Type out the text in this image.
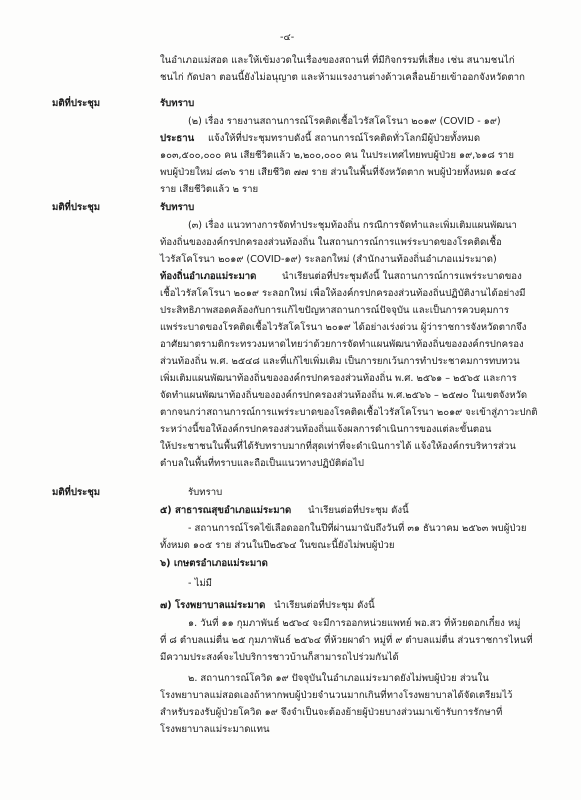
-๔-
ในอำเภอแม่สอด และให้เข้มงวดในเรื่องของสถานที่ ที่มีกิจกรรมที่เสี่ยง เช่น สนามชนไก่
ชนไก่ กัดปลา ตอนนี้ยังไม่อนุญาต และห้ามแรงงานต่างด้าวเคลื่อนย้ายเข้าออกจังหวัดตาก
มติที่ประชุม	รับทราบ
(๒) เรื่อง รายงานสถานการณ์โรคติดเชื้อไวรัสโคโรนา ๒๐๑๙ (COVID - ๑๙)
ประธาน แจ้งให้ที่ประชุมทราบดังนี้ สถานการณ์โรคติดทั่วโลกมีผู้ป่วยทั้งหมด
๑๐๓,๕๐๐,๐๐๐ คน เสียชีวิตแล้ว ๒,๒๐๐,๐๐๐ คน ในประเทศไทยพบผู้ป่วย ๑๙,๖๑๘ ราย
พบผู้ป่วยใหม่ ๘๓๖ ราย เสียชีวิต ๗๗ ราย ส่วนในพื้นที่จังหวัดตาก พบผู้ป่วยทั้งหมด ๑๔๔
ราย เสียชีวิตแล้ว ๒ ราย
มติที่ประชุม	รับทราบ
(๓) เรื่อง แนวทางการจัดทำประชุมท้องถิ่น กรณีการจัดทำและเพิ่มเติมแผนพัฒนา
ท้องถิ่นขององค์กรปกครองส่วนท้องถิ่น ในสถานการณ์การแพร่ระบาดของโรคติดเชื้อ
ไวรัสโคโรนา ๒๐๑๙ (COVID-๑๙) ระลอกใหม่ (สำนักงานท้องถิ่นอำเภอแม่ระมาด)
ท้องถิ่นอำเภอแม่ระมาด	นำเรียนต่อที่ประชุมดังนี้ ในสถานการณ์การแพร่ระบาดของ
เชื้อไวรัสโคโรนา ๒๐๑๙ ระลอกใหม่ เพื่อให้องค์กรปกครองส่วนท้องถิ่นปฏิบัติงานได้อย่างมี
ประสิทธิภาพสอดคล้องกับการแก้ไขปัญหาสถานการณ์ปัจจุบัน และเป็นการควบคุมการ
แพร่ระบาดของโรคติดเชื้อไวรัสโคโรนา ๒๐๑๙ ได้อย่างเร่งด่วน ผู้ว่าราชการจังหวัดตากจึง
อาศัยมาตรามติกระทรวงมหาดไทยว่าด้วยการจัดทำแผนพัฒนาท้องถิ่นขององค์กรปกครอง
ส่วนท้องถิ่น พ.ศ. ๒๕๔๘ และที่แก้ไขเพิ่มเติม เป็นการยกเว้นการทำประชาคมการทบทวน
เพิ่มเติมแผนพัฒนาท้องถิ่นขององค์กรปกครองส่วนท้องถิ่น พ.ศ. ๒๕๖๑ – ๒๕๖๕ และการ
จัดทำแผนพัฒนาท้องถิ่นขององค์กรปกครองส่วนท้องถิ่น พ.ศ.๒๕๖๖ – ๒๕๗๐ ในเขตจังหวัด
ตากจนกว่าสถานการณ์การแพร่ระบาดของโรคติดเชื้อไวรัสโคโรนา ๒๐๑๙ จะเข้าสู่ภาวะปกติ
ระหว่างนี้ขอให้องค์กรปกครองส่วนท้องถิ่นแจ้งผลการดำเนินการของแต่ละขั้นตอน
ให้ประชาชนในพื้นที่ได้รับทราบมากที่สุดเท่าที่จะดำเนินการได้ แจ้งให้องค์กรบริหารส่วน
ตำบลในพื้นที่ทราบและถือเป็นแนวทางปฏิบัติต่อไป
มติที่ประชุม	รับทราบ
๕) สาธารณสุขอำเภอแม่ระมาด นำเรียนต่อที่ประชุม ดังนี้
- สถานการณ์โรคไข้เลือดออกในปีที่ผ่านมานับถึงวันที่ ๓๑ ธันวาคม ๒๕๖๓ พบผู้ป่วย
ทั้งหมด ๑๐๕ ราย ส่วนในปี๒๕๖๔ ในขณะนี้ยังไม่พบผู้ป่วย
๖) เกษตรอำเภอแม่ระมาด
- ไม่มี
๗) โรงพยาบาลแม่ระมาด นำเรียนต่อที่ประชุม ดังนี้
๑. วันที่ ๑๑ กุมภาพันธ์ ๒๕๖๔ จะมีการออกหน่วยแพทย์ พอ.สว ที่ห้วยดอกเกี๋ยง หมู่
ที่ ๘ ตำบลแม่ตื่น ๒๕ กุมภาพันธ์ ๒๕๖๔ ที่ห้วยผาดำ หมู่ที่ ๙ ตำบลแม่ตื่น ส่วนราชการไหนที่
มีความประสงค์จะไปบริการชาวบ้านก็สามารถไปร่วมกันได้
๒. สถานการณ์โควิด ๑๙ ปัจจุบันในอำเภอแม่ระมาดยังไม่พบผู้ป่วย ส่วนใน
โรงพยาบาลแม่สอดเองถ้าหากพบผู้ป่วยจำนวนมากเกินที่ทางโรงพยาบาลได้จัดเตรียมไว้
สำหรับรองรับผู้ป่วยโควิด ๑๙ จึงจำเป็นจะต้องย้ายผู้ป่วยบางส่วนมาเข้ารับการรักษาที่
โรงพยาบาลแม่ระมาดแทน
